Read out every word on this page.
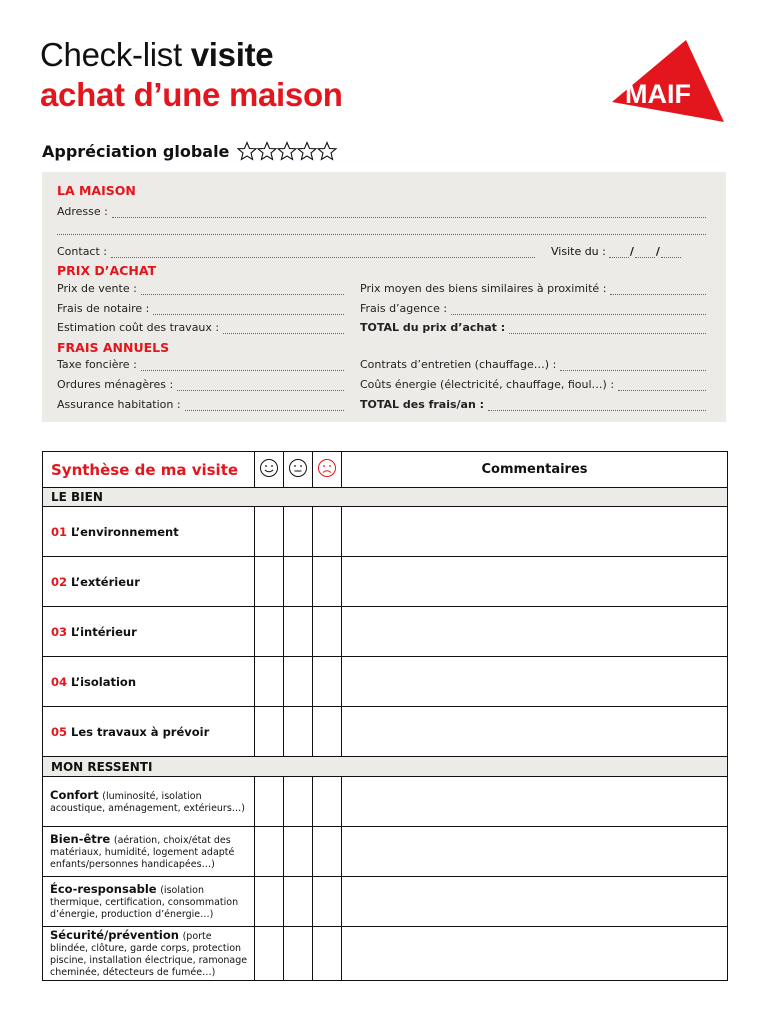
Check-list visite
achat d’une maison	MAIF
Appréciation globale
LA MAISON
Adresse :
Contact :	Visite du : / /
PRIX D’ACHAT
Prix de vente :	Prix moyen des biens similaires à proximité :
Frais de notaire :	Frais d’agence :
Estimation coût des travaux :	TOTAL du prix d’achat :
FRAIS ANNUELS
Taxe foncière :	Contrats d’entretien (chauffage…) :
Ordures ménagères :	Coûts énergie (électricité, chauffage, fioul…) :
Assurance habitation :	TOTAL des frais/an :
Synthèse de ma visite				Commentaires
LE BIEN				
01 L’environnement				
02 L’extérieur				
03 L’intérieur				
04 L’isolation				
05 Les travaux à prévoir				
MON RESSENTI				
Confort (luminosité, isolation acoustique, aménagement, extérieurs…)				
Bien-être (aération, choix/état des matériaux, humidité, logement adapté enfants/personnes handicapées…)				
Éco-responsable (isolation thermique, certification, consommation d’énergie, production d’énergie…)				
Sécurité/prévention (porte blindée, clôture, garde corps, protection piscine, installation électrique, ramonage cheminée, détecteurs de fumée…)				
